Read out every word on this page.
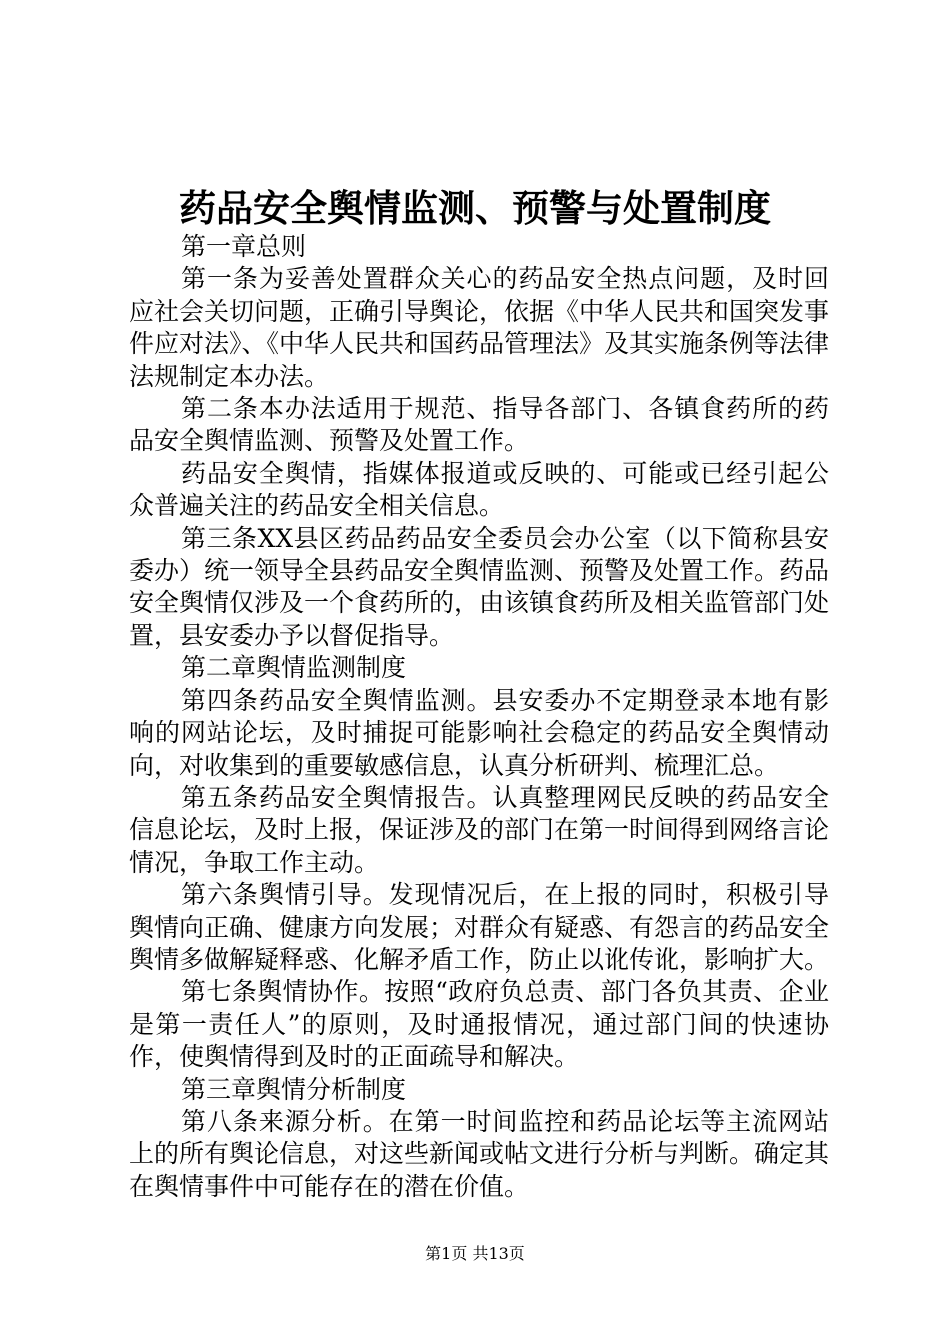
药品安全舆情监测、预警与处置制度

第一章总则

第一条为妥善处置群众关心的药品安全热点问题，及时回应社会关切问题，正确引导舆论，依据《中华人民共和国突发事件应对法》、《中华人民共和国药品管理法》及其实施条例等法律法规制定本办法。

第二条本办法适用于规范、指导各部门、各镇食药所的药品安全舆情监测、预警及处置工作。

药品安全舆情，指媒体报道或反映的、可能或已经引起公众普遍关注的药品安全相关信息。

第三条XX县区药品药品安全委员会办公室（以下简称县安委办）统一领导全县药品安全舆情监测、预警及处置工作。药品安全舆情仅涉及一个食药所的，由该镇食药所及相关监管部门处置，县安委办予以督促指导。

第二章舆情监测制度

第四条药品安全舆情监测。县安委办不定期登录本地有影响的网站论坛，及时捕捉可能影响社会稳定的药品安全舆情动向，对收集到的重要敏感信息，认真分析研判、梳理汇总。

第五条药品安全舆情报告。认真整理网民反映的药品安全信息论坛，及时上报，保证涉及的部门在第一时间得到网络言论情况，争取工作主动。

第六条舆情引导。发现情况后，在上报的同时，积极引导舆情向正确、健康方向发展；对群众有疑惑、有怨言的药品安全舆情多做解疑释惑、化解矛盾工作，防止以讹传讹，影响扩大。

第七条舆情协作。按照“政府负总责、部门各负其责、企业是第一责任人”的原则，及时通报情况，通过部门间的快速协作，使舆情得到及时的正面疏导和解决。

第三章舆情分析制度

第八条来源分析。在第一时间监控和药品论坛等主流网站上的所有舆论信息，对这些新闻或帖文进行分析与判断。确定其在舆情事件中可能存在的潜在价值。

第1页 共13页
